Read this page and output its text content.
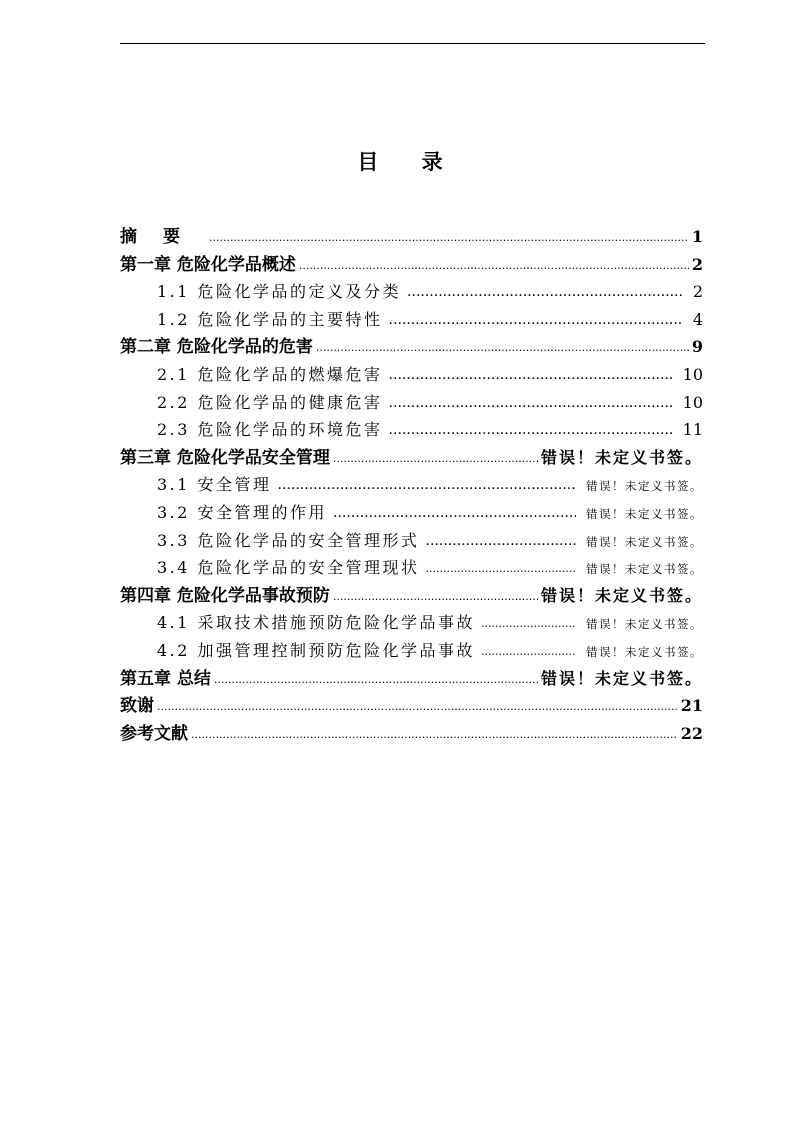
目 录
摘要 .....	1
第一章 危险化学品概述 .....	2
1.1 危险化学品的定义及分类 .....	2
1.2 危险化学品的主要特性 .....	4
第二章 危险化学品的危害 .....	9
2.1 危险化学品的燃爆危害 .....	10
2.2 危险化学品的健康危害 .....	10
2.3 危险化学品的环境危害 .....	11
第三章 危险化学品安全管理 .....	错误！未定义书签。
3.1 安全管理 .....	错误！未定义书签。
3.2 安全管理的作用 .....	错误！未定义书签。
3.3 危险化学品的安全管理形式 .....	错误！未定义书签。
3.4 危险化学品的安全管理现状 .....	错误！未定义书签。
第四章 危险化学品事故预防 .....	错误！未定义书签。
4.1 采取技术措施预防危险化学品事故 .....	错误！未定义书签。
4.2 加强管理控制预防危险化学品事故 .....	错误！未定义书签。
第五章 总结 .....	错误！未定义书签。
致谢 .....	21
参考文献 .....	22
